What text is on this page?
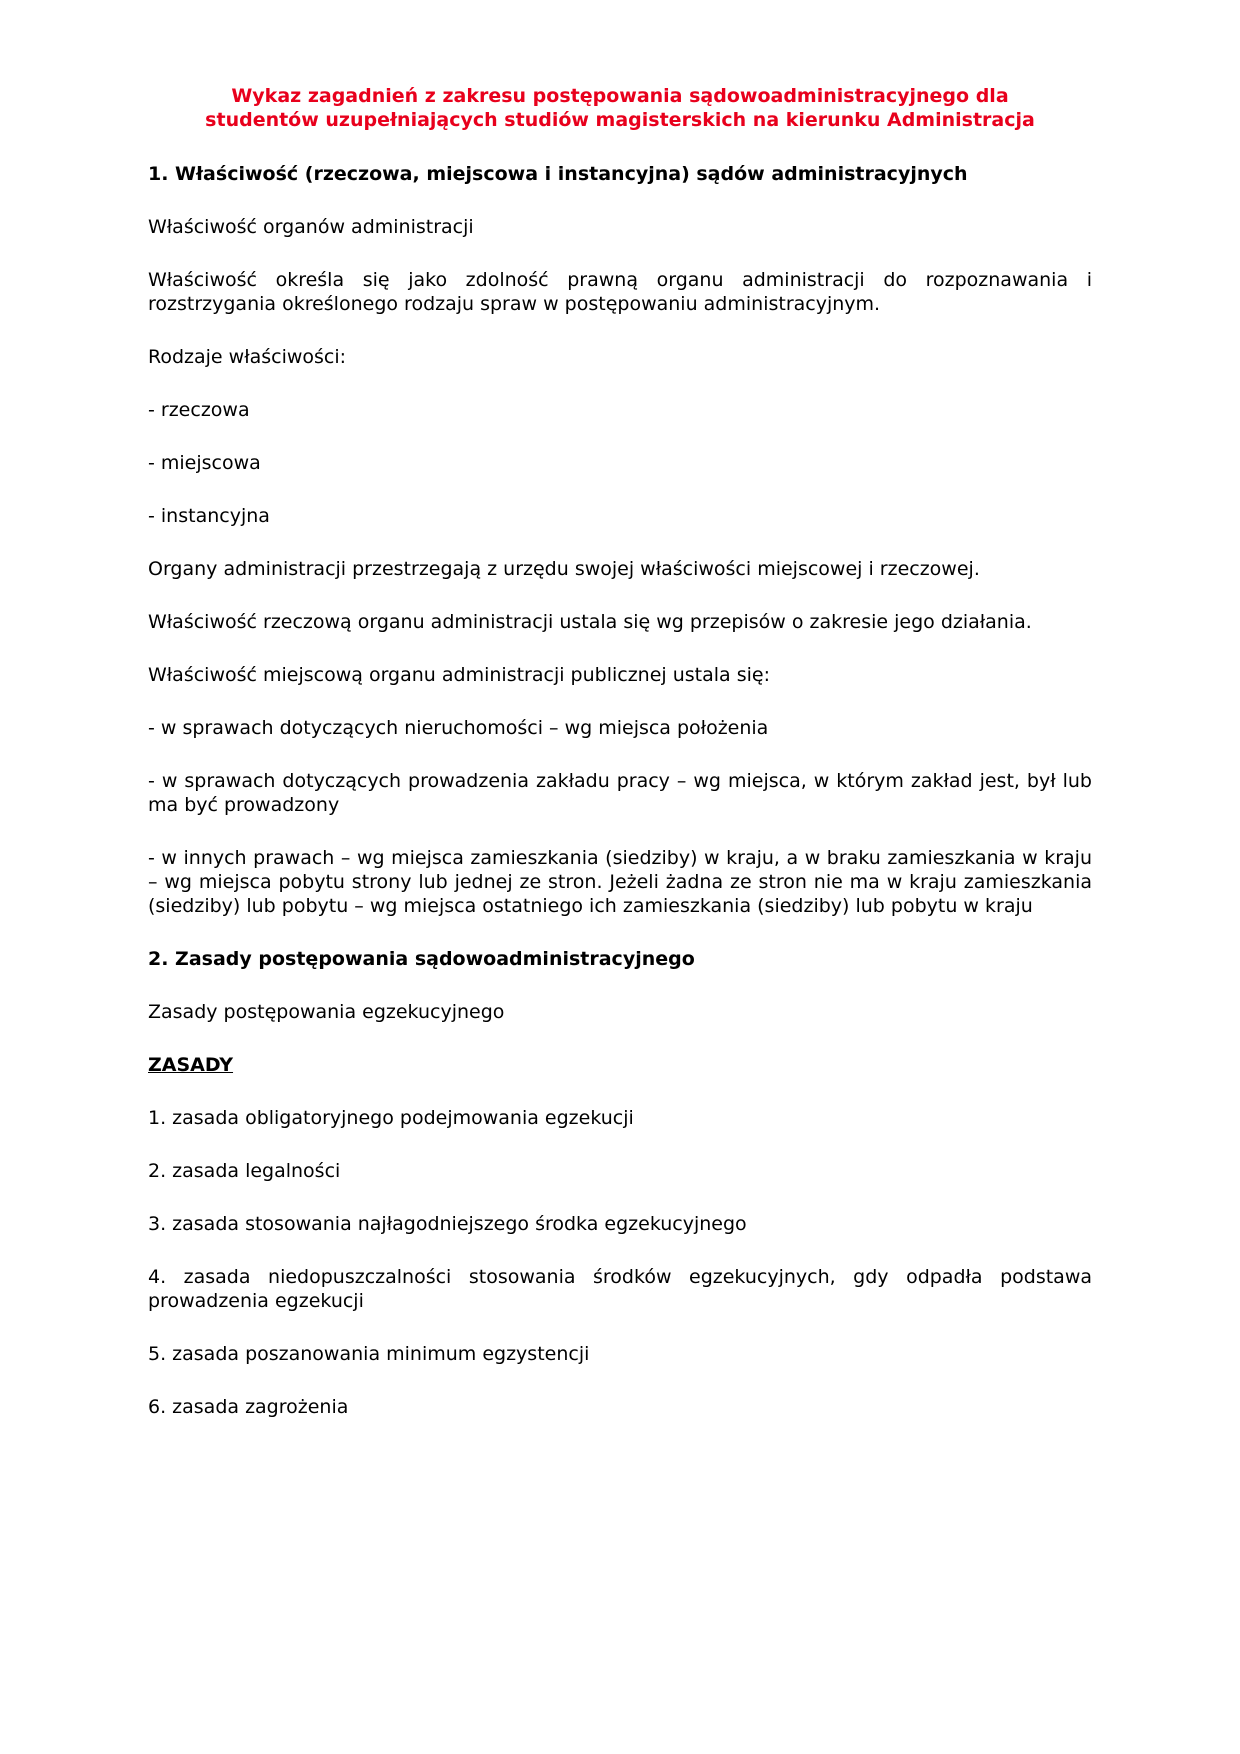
Wykaz zagadnień z zakresu postępowania sądowoadministracyjnego dla
studentów uzupełniających studiów magisterskich na kierunku Administracja
1. Właściwość (rzeczowa, miejscowa i instancyjna) sądów administracyjnych
Właściwość organów administracji
Właściwość określa się jako zdolność prawną organu administracji do rozpoznawania i rozstrzygania określonego rodzaju spraw w postępowaniu administracyjnym.
Rodzaje właściwości:
- rzeczowa
- miejscowa
- instancyjna
Organy administracji przestrzegają z urzędu swojej właściwości miejscowej i rzeczowej.
Właściwość rzeczową organu administracji ustala się wg przepisów o zakresie jego działania.
Właściwość miejscową organu administracji publicznej ustala się:
- w sprawach dotyczących nieruchomości – wg miejsca położenia
- w sprawach dotyczących prowadzenia zakładu pracy – wg miejsca, w którym zakład jest, był lub ma być prowadzony
- w innych prawach – wg miejsca zamieszkania (siedziby) w kraju, a w braku zamieszkania w kraju – wg miejsca pobytu strony lub jednej ze stron. Jeżeli żadna ze stron nie ma w kraju zamieszkania (siedziby) lub pobytu – wg miejsca ostatniego ich zamieszkania (siedziby) lub pobytu w kraju
2. Zasady postępowania sądowoadministracyjnego
Zasady postępowania egzekucyjnego
ZASADY
1. zasada obligatoryjnego podejmowania egzekucji
2. zasada legalności
3. zasada stosowania najłagodniejszego środka egzekucyjnego
4. zasada niedopuszczalności stosowania środków egzekucyjnych, gdy odpadła podstawa prowadzenia egzekucji
5. zasada poszanowania minimum egzystencji
6. zasada zagrożenia
